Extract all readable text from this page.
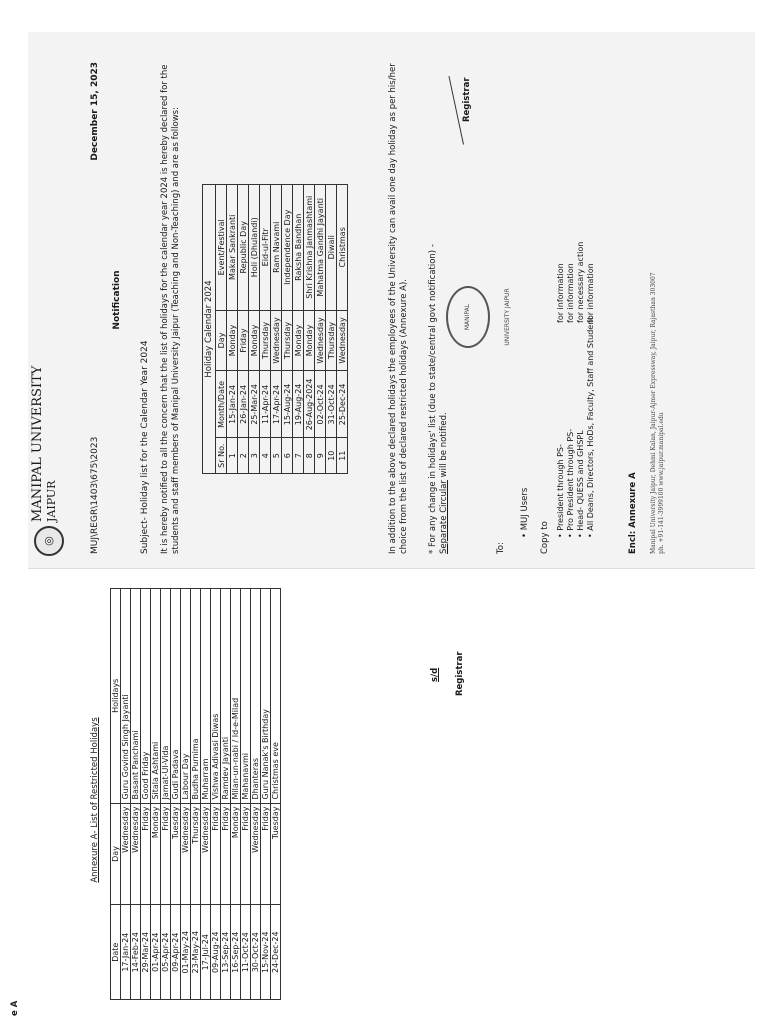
◎
MANIPAL UNIVERSITY JAIPUR	MUJ\REGR\1403\675\2023
December 15, 2023
Notification
Subject- Holiday list for the Calendar Year 2024 It is hereby notified to all the concern that the list of holidays for the calendar year 2024 is hereby declared for the students and staff members of Manipal University Jaipur (Teaching and Non-Teaching) and are as follows:	Holiday Calendar 2024
Sr No.	Month/Date	Day	Event/Festival
1	15-Jan-24	Monday	Makar Sankranti
2	26-Jan-24	Friday	Republic Day
3	25-Mar-24	Monday	Holi (Dhulandi)
4	11-Apr-24	Thursday	Eid-ul-Fitr
5	17-Apr-24	Wednesday	Ram Navami
6	15-Aug-24	Thursday	Independence Day
7	19-Aug-24	Monday	Raksha Bandhan
8	26-Aug-2024	Monday	Shri Krishna Janmashtami
9	02-Oct-24	Wednesday	Mahatma Gandhi Jayanti
10	31-Oct-24	Thursday	Diwali
11	25-Dec-24	Wednesday	Christmas	In addition to the above declared holidays the employees of the University can avail one day holiday as per his/her choice from the list of declared restricted holidays (Annexure A). * For any change in holidays' list (due to state/central govt notification) -
Separate Circular will be notified.
MANIPAL UNIVERSITY JAIPUR
Registrar
To:
• MUJ Users
Copy to • President through PS- • Pro President through PS- • Head- QUESS and GHSPL • All Deans, Directors, HoDs, Faculty, Staff and Student
for information for information for necessary action for information
Encl: Annexure A Manipal University Jaipur, Dehmi Kalan, Jaipur-Ajmer Expressway, Jaipur, Rajasthan 303007 ph. +91-141-3999100 www.jaipur.manipal.edu
e A
Annexure A- List of Restricted Holidays
Date	Day	Holidays
17-Jan-24	Wednesday	Guru Govind Singh Jayanti
14-Feb-24	Wednesday	Basant Panchami
29-Mar-24	Friday	Good Friday
01-Apr-24	Monday	Sitala Ashtami
05-Apr-24	Friday	Jamat-Ul-Vida
09-Apr-24	Tuesday	Gudi Padava
01-May-24	Wednesday	Labour Day
23-May-24	Thursday	Budha Purnima
17-Jul-24	Wednesday	Muharram
09-Aug-24	Friday	Vishwa Adivasi Diwas
13-Sep-24	Friday	Ramdev Jayanti
16-Sep-24	Monday	Milan-un-nabi / Id-e-Milad
11-Oct-24	Friday	Mahanavmi
30-Oct-24	Wednesday	Dhanteras
15-Nov-24	Friday	Guru Nanak's Birthday
24-Dec-24	Tuesday	Christmas eve
s/d Registrar
